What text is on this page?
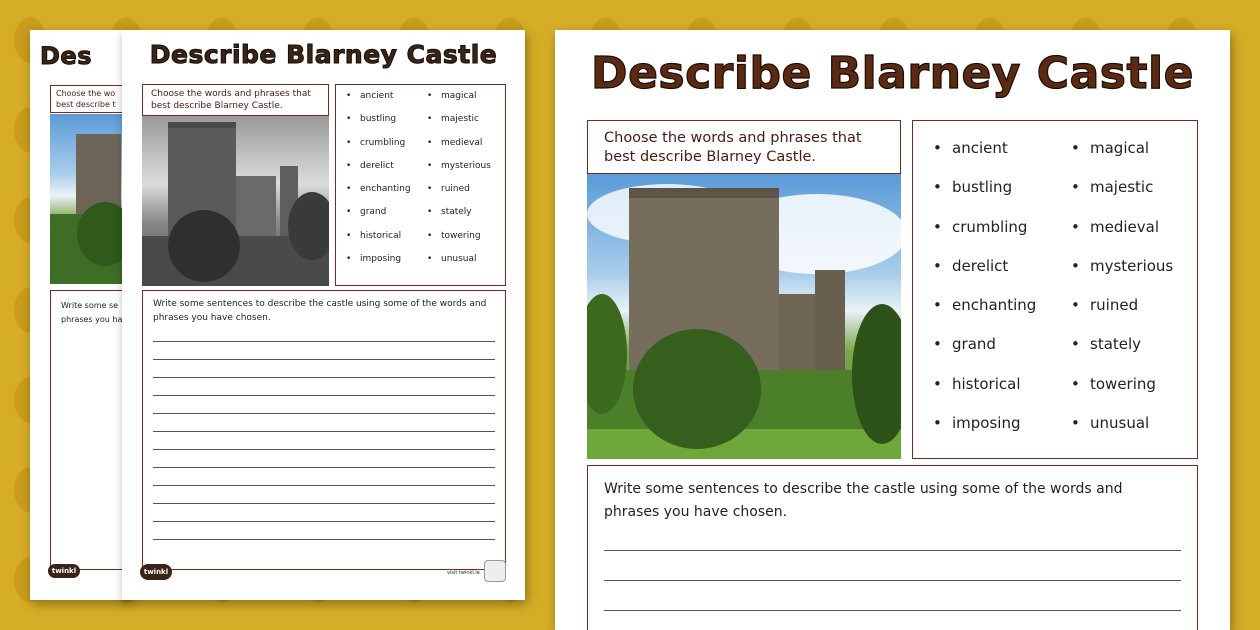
Des
Choose the wo best describe t
Write some se phrases you ha
twinkl
Describe Blarney Castle
Choose the words and phrases that best describe Blarney Castle.
• ancient
• bustling
• crumbling
• derelict
• enchanting
• grand
• historical
• imposing
• magical
• majestic
• medieval
• mysterious
• ruined
• stately
• towering
• unusual
Write some sentences to describe the castle using some of the words and phrases you have chosen.
twinkl	visit twinkl.ie
Describe Blarney Castle
Choose the words and phrases that best describe Blarney Castle.
•	ancient
• bustling
• crumbling
• derelict
• enchanting
• grand
• historical
• imposing
• magical
• majestic
• medieval
• mysterious
• ruined
• stately
• towering
• unusual
Write some sentences to describe the castle using some of the words and phrases you have chosen.
